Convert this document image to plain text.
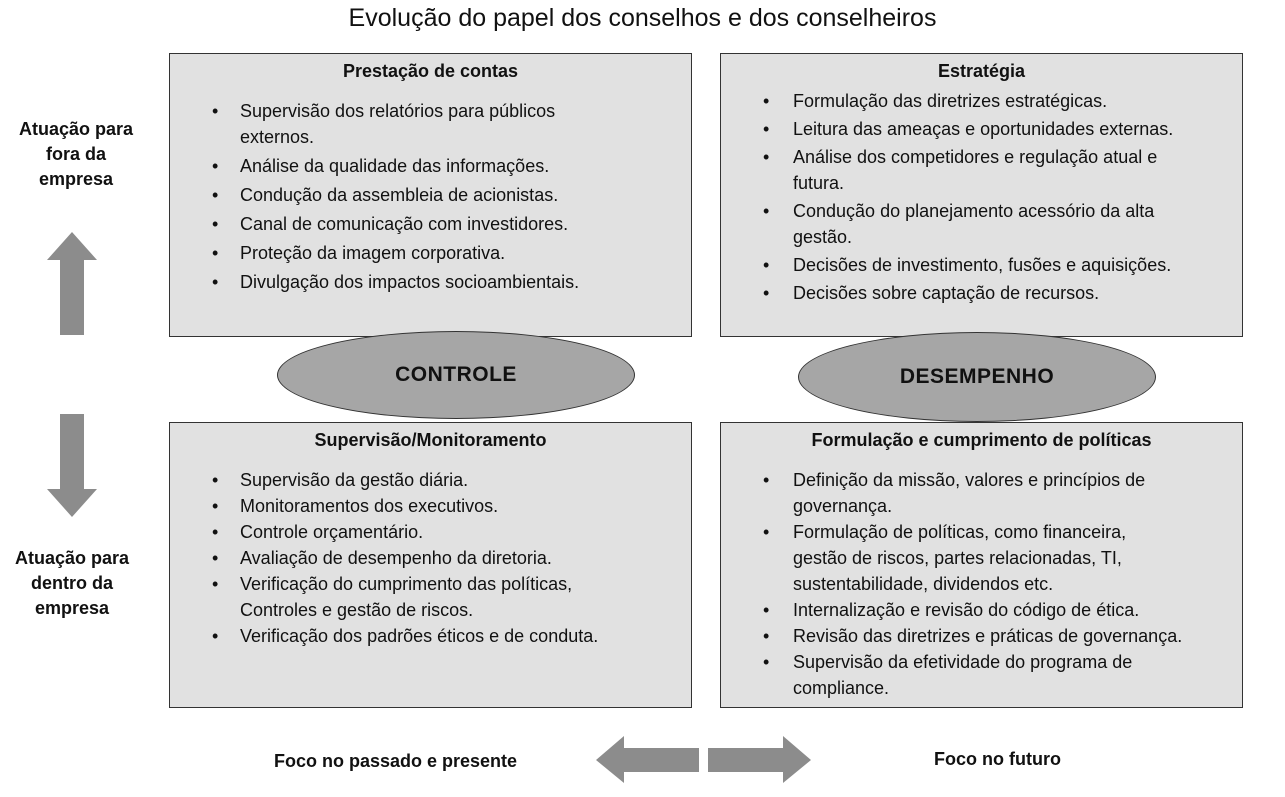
Evolução do papel dos conselhos e dos conselheiros
Prestação de contas
• Supervisão dos relatórios para públicos externos.
• Análise da qualidade das informações.
• Condução da assembleia de acionistas.
• Canal de comunicação com investidores.
• Proteção da imagem corporativa.
• Divulgação dos impactos socioambientais.
Estratégia
• Formulação das diretrizes estratégicas.
• Leitura das ameaças e oportunidades externas.
• Análise dos competidores e regulação atual e futura.
• Condução do planejamento acessório da alta gestão.
• Decisões de investimento, fusões e aquisições.
• Decisões sobre captação de recursos.
Supervisão/Monitoramento
• Supervisão da gestão diária.
• Monitoramentos dos executivos.
• Controle orçamentário.
• Avaliação de desempenho da diretoria.
• Verificação do cumprimento das políticas, Controles e gestão de riscos.
• Verificação dos padrões éticos e de conduta.
Formulação e cumprimento de políticas
• Definição da missão, valores e princípios de governança.
• Formulação de políticas, como financeira, gestão de riscos, partes relacionadas, TI, sustentabilidade, dividendos etc.
• Internalização e revisão do código de ética.
• Revisão das diretrizes e práticas de governança.
• Supervisão da efetividade do programa de compliance.
CONTROLE	DESEMPENHO
Atuação para fora da empresa
Atuação para dentro da empresa
Foco no passado e presente	Foco no futuro
